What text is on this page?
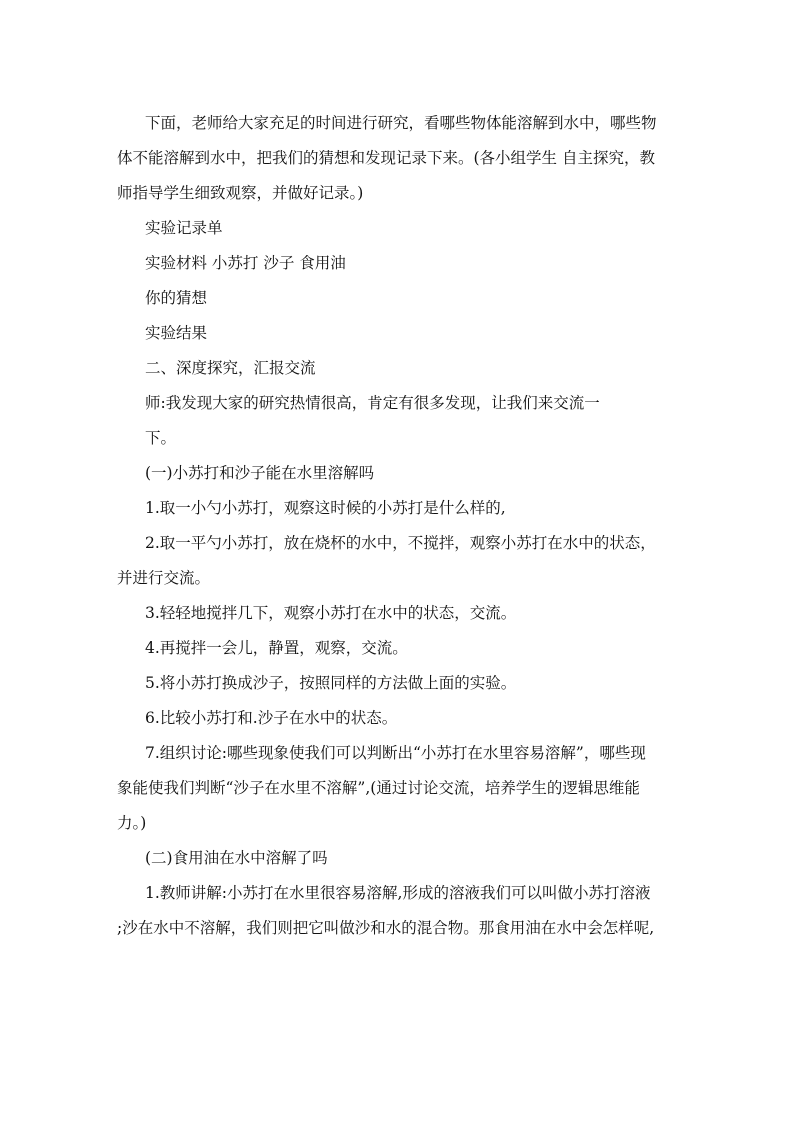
下面，老师给大家充足的时间进行研究，看哪些物体能溶解到水中，哪些物
体不能溶解到水中，把我们的猜想和发现记录下来。(各小组学生 自主探究，教
师指导学生细致观察，并做好记录。)
实验记录单
实验材料 小苏打 沙子 食用油
你的猜想
实验结果
二、深度探究，汇报交流
师:我发现大家的研究热情很高，肯定有很多发现，让我们来交流一
下。
(一)小苏打和沙子能在水里溶解吗
1.取一小勺小苏打，观察这时候的小苏打是什么样的,
2.取一平勺小苏打，放在烧杯的水中，不搅拌，观察小苏打在水中的状态，
并进行交流。
3.轻轻地搅拌几下，观察小苏打在水中的状态，交流。
4.再搅拌一会儿，静置，观察，交流。
5.将小苏打换成沙子，按照同样的方法做上面的实验。
6.比较小苏打和.沙子在水中的状态。
7.组织讨论:哪些现象使我们可以判断出“小苏打在水里容易溶解”，哪些现
象能使我们判断“沙子在水里不溶解”,(通过讨论交流，培养学生的逻辑思维能
力。)
(二)食用油在水中溶解了吗
1.教师讲解:小苏打在水里很容易溶解,形成的溶液我们可以叫做小苏打溶液
;沙在水中不溶解，我们则把它叫做沙和水的混合物。那食用油在水中会怎样呢,
